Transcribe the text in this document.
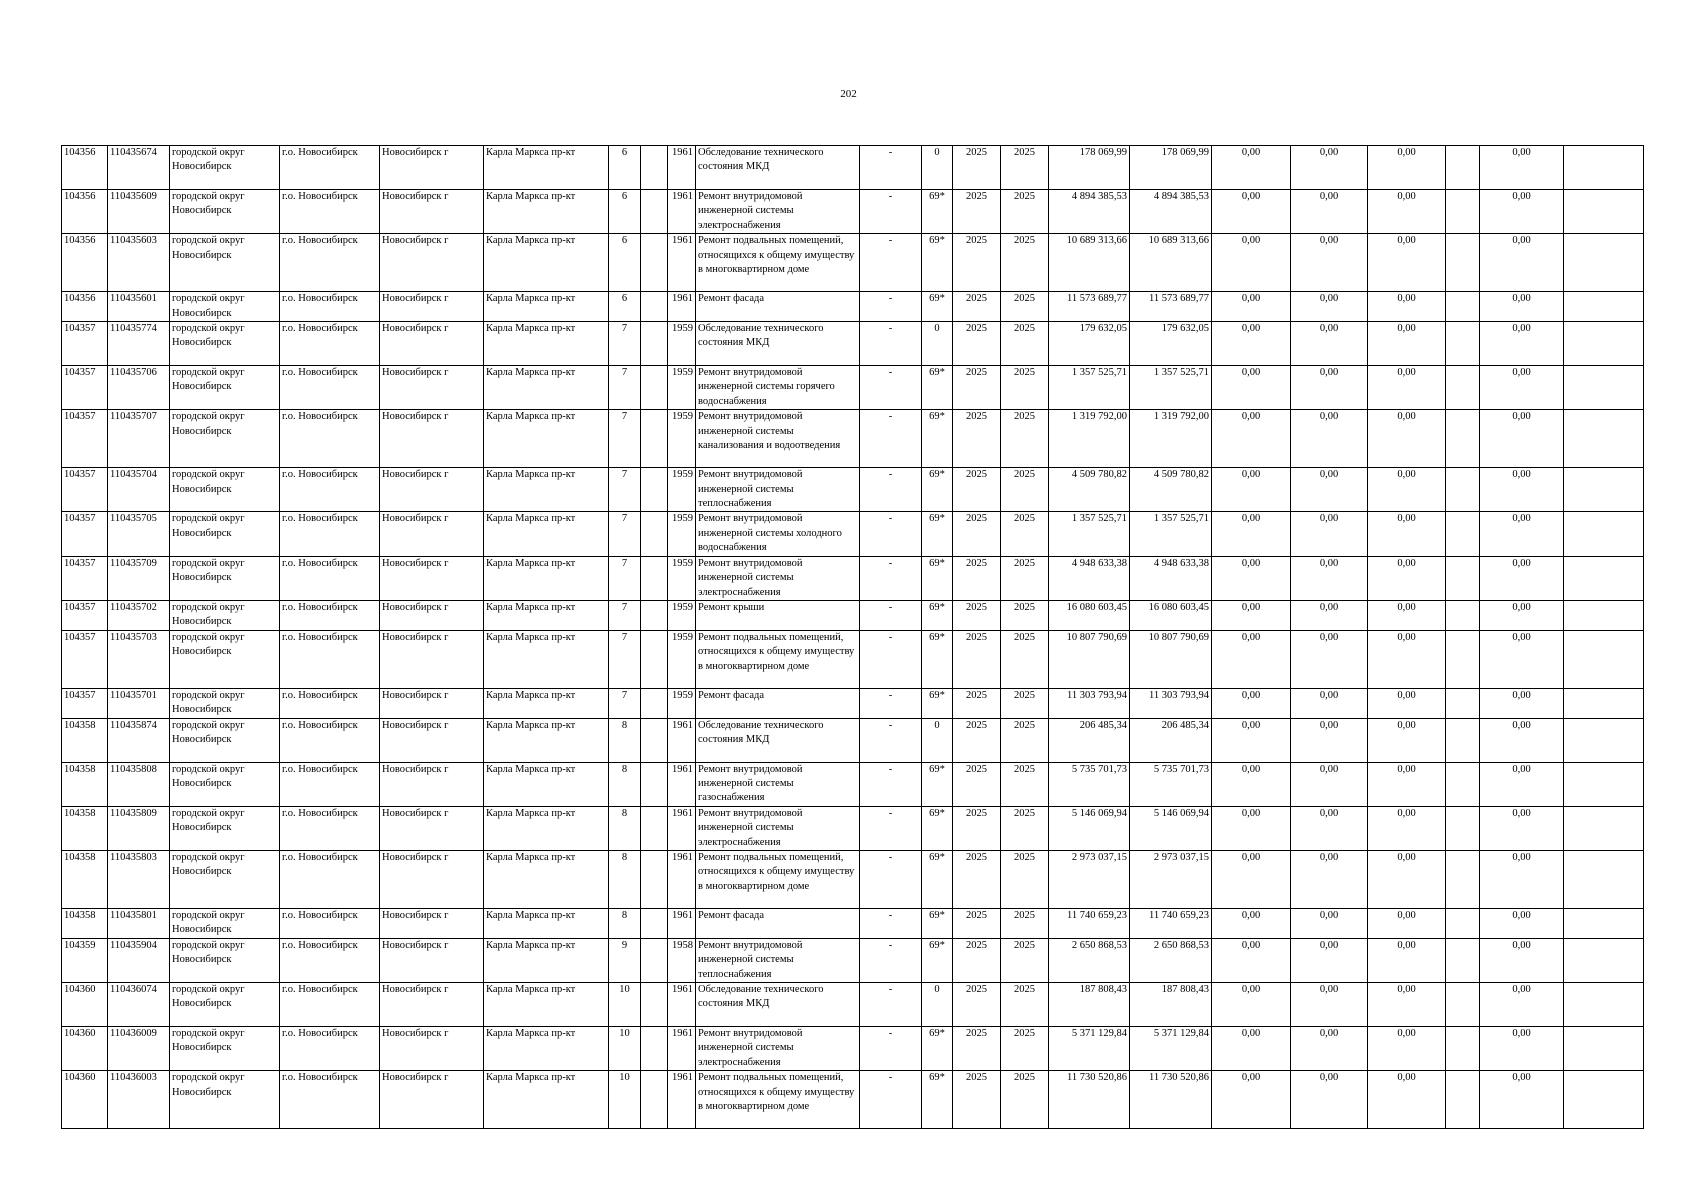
202
104356	110435674	городской округ Новосибирск	г.о. Новосибирск	Новосибирск г	Карла Маркса пр-кт	6		1961	Обследование технического состояния МКД	-	0	2025	2025	178 069,99	178 069,99	0,00	0,00	0,00		0,00	
104356	110435609	городской округ Новосибирск	г.о. Новосибирск	Новосибирск г	Карла Маркса пр-кт	6		1961	Ремонт внутридомовой инженерной системы электроснабжения	-	69*	2025	2025	4 894 385,53	4 894 385,53	0,00	0,00	0,00		0,00	
104356	110435603	городской округ Новосибирск	г.о. Новосибирск	Новосибирск г	Карла Маркса пр-кт	6		1961	Ремонт подвальных помещений, относящихся к общему имуществу в многоквартирном доме	-	69*	2025	2025	10 689 313,66	10 689 313,66	0,00	0,00	0,00		0,00	
104356	110435601	городской округ Новосибирск	г.о. Новосибирск	Новосибирск г	Карла Маркса пр-кт	6		1961	Ремонт фасада	-	69*	2025	2025	11 573 689,77	11 573 689,77	0,00	0,00	0,00		0,00	
104357	110435774	городской округ Новосибирск	г.о. Новосибирск	Новосибирск г	Карла Маркса пр-кт	7		1959	Обследование технического состояния МКД	-	0	2025	2025	179 632,05	179 632,05	0,00	0,00	0,00		0,00	
104357	110435706	городской округ Новосибирск	г.о. Новосибирск	Новосибирск г	Карла Маркса пр-кт	7		1959	Ремонт внутридомовой инженерной системы горячего водоснабжения	-	69*	2025	2025	1 357 525,71	1 357 525,71	0,00	0,00	0,00		0,00	
104357	110435707	городской округ Новосибирск	г.о. Новосибирск	Новосибирск г	Карла Маркса пр-кт	7		1959	Ремонт внутридомовой инженерной системы канализования и водоотведения	-	69*	2025	2025	1 319 792,00	1 319 792,00	0,00	0,00	0,00		0,00	
104357	110435704	городской округ Новосибирск	г.о. Новосибирск	Новосибирск г	Карла Маркса пр-кт	7		1959	Ремонт внутридомовой инженерной системы теплоснабжения	-	69*	2025	2025	4 509 780,82	4 509 780,82	0,00	0,00	0,00		0,00	
104357	110435705	городской округ Новосибирск	г.о. Новосибирск	Новосибирск г	Карла Маркса пр-кт	7		1959	Ремонт внутридомовой инженерной системы холодного водоснабжения	-	69*	2025	2025	1 357 525,71	1 357 525,71	0,00	0,00	0,00		0,00	
104357	110435709	городской округ Новосибирск	г.о. Новосибирск	Новосибирск г	Карла Маркса пр-кт	7		1959	Ремонт внутридомовой инженерной системы электроснабжения	-	69*	2025	2025	4 948 633,38	4 948 633,38	0,00	0,00	0,00		0,00	
104357	110435702	городской округ Новосибирск	г.о. Новосибирск	Новосибирск г	Карла Маркса пр-кт	7		1959	Ремонт крыши	-	69*	2025	2025	16 080 603,45	16 080 603,45	0,00	0,00	0,00		0,00	
104357	110435703	городской округ Новосибирск	г.о. Новосибирск	Новосибирск г	Карла Маркса пр-кт	7		1959	Ремонт подвальных помещений, относящихся к общему имуществу в многоквартирном доме	-	69*	2025	2025	10 807 790,69	10 807 790,69	0,00	0,00	0,00		0,00	
104357	110435701	городской округ Новосибирск	г.о. Новосибирск	Новосибирск г	Карла Маркса пр-кт	7		1959	Ремонт фасада	-	69*	2025	2025	11 303 793,94	11 303 793,94	0,00	0,00	0,00		0,00	
104358	110435874	городской округ Новосибирск	г.о. Новосибирск	Новосибирск г	Карла Маркса пр-кт	8		1961	Обследование технического состояния МКД	-	0	2025	2025	206 485,34	206 485,34	0,00	0,00	0,00		0,00	
104358	110435808	городской округ Новосибирск	г.о. Новосибирск	Новосибирск г	Карла Маркса пр-кт	8		1961	Ремонт внутридомовой инженерной системы газоснабжения	-	69*	2025	2025	5 735 701,73	5 735 701,73	0,00	0,00	0,00		0,00	
104358	110435809	городской округ Новосибирск	г.о. Новосибирск	Новосибирск г	Карла Маркса пр-кт	8		1961	Ремонт внутридомовой инженерной системы электроснабжения	-	69*	2025	2025	5 146 069,94	5 146 069,94	0,00	0,00	0,00		0,00	
104358	110435803	городской округ Новосибирск	г.о. Новосибирск	Новосибирск г	Карла Маркса пр-кт	8		1961	Ремонт подвальных помещений, относящихся к общему имуществу в многоквартирном доме	-	69*	2025	2025	2 973 037,15	2 973 037,15	0,00	0,00	0,00		0,00	
104358	110435801	городской округ Новосибирск	г.о. Новосибирск	Новосибирск г	Карла Маркса пр-кт	8		1961	Ремонт фасада	-	69*	2025	2025	11 740 659,23	11 740 659,23	0,00	0,00	0,00		0,00	
104359	110435904	городской округ Новосибирск	г.о. Новосибирск	Новосибирск г	Карла Маркса пр-кт	9		1958	Ремонт внутридомовой инженерной системы теплоснабжения	-	69*	2025	2025	2 650 868,53	2 650 868,53	0,00	0,00	0,00		0,00	
104360	110436074	городской округ Новосибирск	г.о. Новосибирск	Новосибирск г	Карла Маркса пр-кт	10		1961	Обследование технического состояния МКД	-	0	2025	2025	187 808,43	187 808,43	0,00	0,00	0,00		0,00	
104360	110436009	городской округ Новосибирск	г.о. Новосибирск	Новосибирск г	Карла Маркса пр-кт	10		1961	Ремонт внутридомовой инженерной системы электроснабжения	-	69*	2025	2025	5 371 129,84	5 371 129,84	0,00	0,00	0,00		0,00	
104360	110436003	городской округ Новосибирск	г.о. Новосибирск	Новосибирск г	Карла Маркса пр-кт	10		1961	Ремонт подвальных помещений, относящихся к общему имуществу в многоквартирном доме	-	69*	2025	2025	11 730 520,86	11 730 520,86	0,00	0,00	0,00		0,00	
